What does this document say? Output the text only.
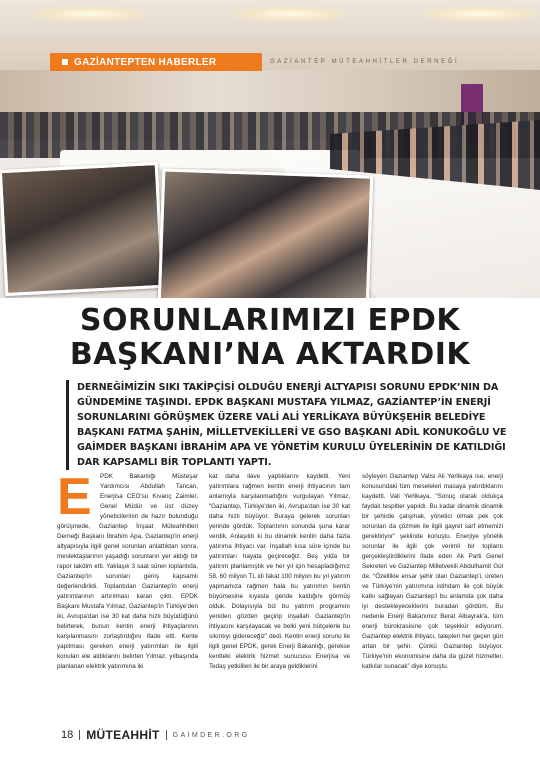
GAZİANTEPTEN HABERLER	GAZİANTEP MÜTEAHHİTLER DERNEĞİ
SORUNLARIMIZI EPDK
BAŞKANI’NA AKTARDIK
DERNEĞİMİZİN SIKI TAKİPÇİSİ OLDUĞU ENERJİ ALTYAPISI SORUNU EPDK’NIN DA GÜNDEMİNE TAŞINDI. EPDK BAŞKANI MUSTAFA YILMAZ, GAZİANTEP’İN ENERJİ SORUNLARINI GÖRÜŞMEK ÜZERE VALİ ALİ YERLİKAYA BÜYÜKŞEHİR BELEDİYE BAŞKANI FATMA ŞAHİN, MİLLETVEKİLLERİ VE GSO BAŞKANI ADİL KONUKOĞLU VE GAİMDER BAŞKANI İBRAHİM APA VE YÖNETİM KURULU ÜYELERİNİN DE KATILDIĞI DAR KAPSAMLI BİR TOPLANTI YAPTI.
E	PDK Bakanlığı Müsteşar Yardımcısı Abdullah Tancan, Enerjisa CEO'su Kıvanç Zaimler, Genel Müdür ve üst düzey yöneticilerinin de hazır bulunduğu görüşmede, Gaziantep İnşaat Müteahhitleri Derneği Başkanı İbrahim Apa, Gaziantep'in enerji altyapısıyla ilgili genel sorunları anlattıktan sonra, meslektaşlarının yaşadığı sorunların yer aldığı bir rapor takdim etti. Yaklaşık 3 saat süren toplantıda, Gaziantep'in sorunları geniş kapsamlı değerlendirildi. Toplantıdan Gaziantep'in enerji yatırımlarının artırılması kararı çıktı. EPDK Başkanı Mustafa Yılmaz, Gaziantep'in Türkiye'den iki, Avrupa'dan ise 30 kat daha hızlı büyüdüğünü belirterek, bunun kentin enerji ihtiyaçlarının karşılanmasını zorlaştırdığını ifade etti. Kente yapılması gereken enerji yatırımları ile ilgili konuları ele aldıklarını belirten Yılmaz, yılbaşında planlanan elektrik yatırımına iki

kat daha ilave yaptıklarını kaydetti. Yeni yatırımlara rağmen kentin enerji ihtiyacının tam anlamıyla karşılanmadığını vurgulayan Yılmaz, “Gaziantep, Türkiye'den iki, Avrupa'dan ise 30 kat daha hızlı büyüyor. Buraya gelerek sorunları yerinde gördük. Toplantının sonunda şuna karar verdik. Anlaşıldı ki bu dinamik kentin daha fazla yatırıma ihtiyacı var. İnşallah kısa süre içinde bu yatırımları hayata geçireceğiz. Beş yılda bir yatırım planlamıştık ve her yıl için hesapladığımız 58, 60 milyon TL idi fakat 100 milyon bu yıl yatırım yapmamıza rağmen hala bu yatırımın kentin büyümesine kıyasla geride kaldığını görmüş olduk. Dolayısıyla biz bu yatırım programını yeniden gözden geçirip inşallah Gaziantep'in ihtiyacını karşılayacak ve belki yeni bütçelerle bu sıkıntıyı gidereceğiz” dedi. Kentin enerji sorunu ile ilgili genel EPDK, gerek Enerji Bakanlığı, gerekse kentteki elektrik hizmet sunucusu Enerjisa ve Tedaş yetkilileri ile bir araya geldiklerini

söyleyen Gaziantep Valisi Ali Yerlikaya ise, enerji konusundaki tüm meseleleri masaya yatırdıklarını kaydetti. Vali Yerlikaya, “Sonuç olarak oldukça faydalı tespitler yapıldı. Bu kadar dinamik dinamik bir şehirde çalışmak, yönetici olmak pek çok sorunları da çözmek ile ilgili gayret sarf etmemizi gerektiriyor” şeklinde konuştu. Enerjiye yönelik sorunlar ile ilgili çok verimli bir toplantı gerçekleştirdiklerini ifade eden Ak Parti Genel Sekreteri ve Gaziantep Milletvekili Abdulhamit Gül de, “Özellikle ensar şehir olan Gaziantep'i, üreten ve Türkiye'nin yatırımına istihdam ile çok büyük katkı sağlayan Gaziantep'i bu anlamda çok daha iyi destekleyeceklerini buradan gördüm. Bu nedenle Enerji Bakanımız Berat Albayrak'a, tüm enerji bürokrasisine çok teşekkür ediyorum. Gaziantep elektrik ihtiyacı, talepleri her geçen gün artan bir şehir. Çünkü Gaziantep büyüyor. Türkiye'nin ekonomisine daha da güzel hizmetler, katkılar sunacak” diye konuştu.

18 MÜTEAHHİT GAİMDER.ORG
